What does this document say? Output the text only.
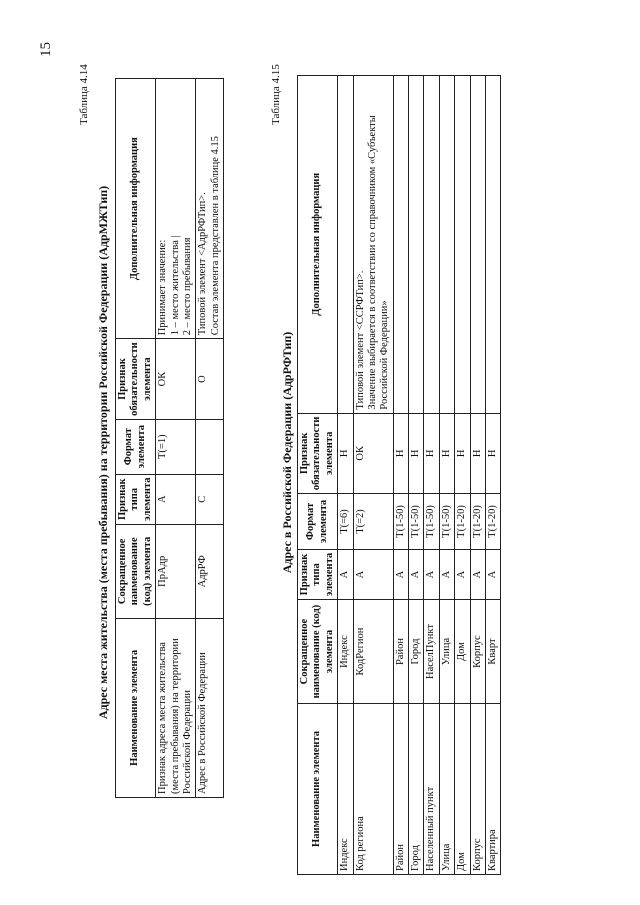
15
Таблица 4.14
Адрес места жительства (места пребывания) на территории Российской Федерации (АдрМЖТип) Наименование элемента	Сокращенное наименование (код) элемента	Признак типа элемента	Формат элемента	Признак обязательности элемента	Дополнительная информация
Признак адреса места жительства (места пребывания) на территории Российской Федерации	ПрАдр	А	Т(=1)	ОК	Принимает значение:
1 – место жительства |
2 – место пребывания
Адрес в Российской Федерации	АдрРФ	С		О	Типовой элемент <АдрРФТип>.
Состав элемента представлен в таблице 4.15
Таблица 4.15
Адрес в Российской Федерации (АдрРФТип)
Наименование элемента	Сокращенное наименование (код) элемента	Признак типа элемента	Формат элемента	Признак обязательности элемента	Дополнительная информация
Индекс	Индекс	А	Т(=6)	Н	
Код региона	КодРегион	А	Т(=2)	ОК	Типовой элемент <ССРФТип>.
Значение выбирается в соответствии со справочником «Субъекты Российской Федерации»
Район	Район	А	Т(1-50)	Н	
Город	Город	А	Т(1-50)	Н	
Населенный пункт	НаселПункт	А	Т(1-50)	Н	
Улица	Улица	А	Т(1-50)	Н	
Дом	Дом	А	Т(1-20)	Н	
Корпус	Корпус	А	Т(1-20)	Н	
Квартира	Кварт	А	Т(1-20)	Н	
